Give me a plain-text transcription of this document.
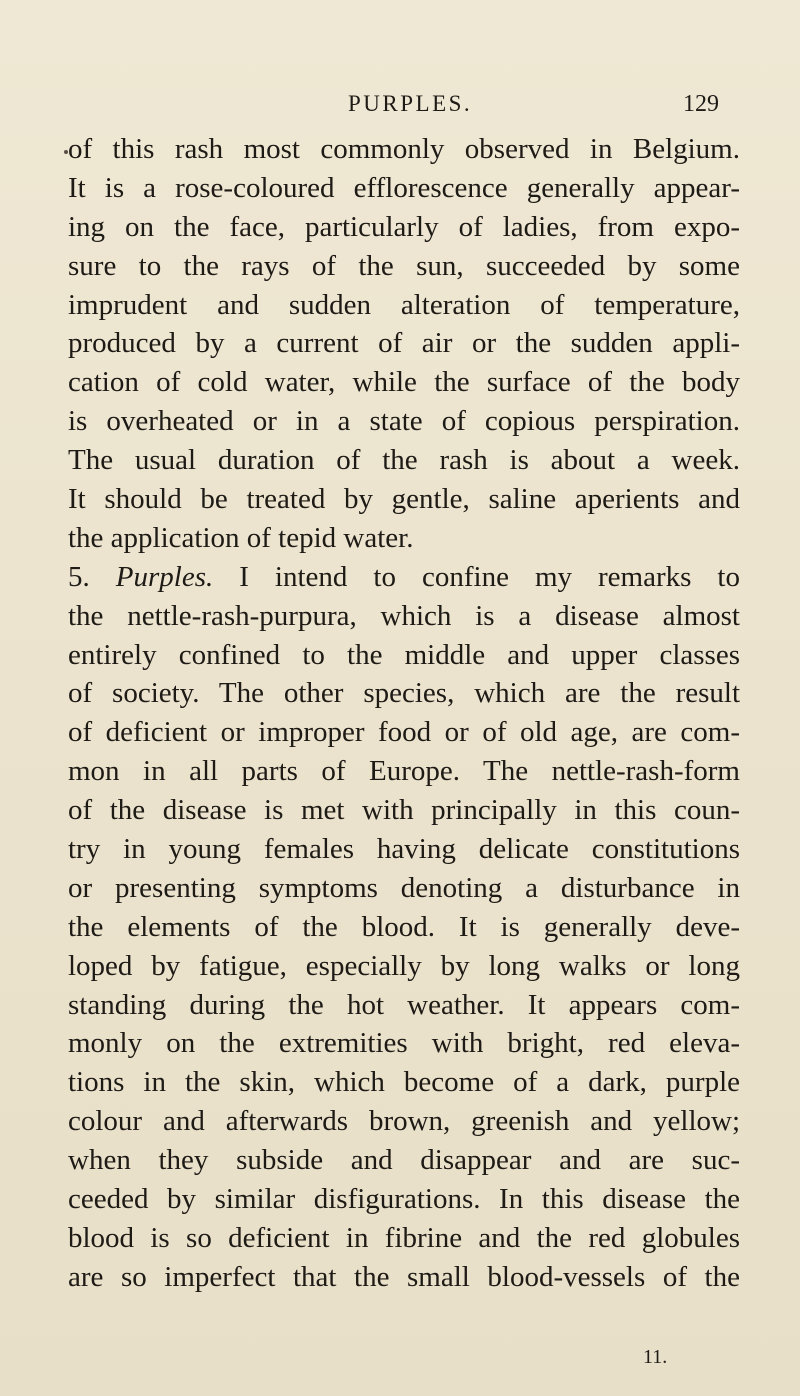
PURPLES.	129
of this rash most commonly observed in Belgium.
It is a rose-coloured efflorescence generally appear-
ing on the face, particularly of ladies, from expo-
sure to the rays of the sun, succeeded by some
imprudent and sudden alteration of temperature,
produced by a current of air or the sudden appli-
cation of cold water, while the surface of the body
is overheated or in a state of copious perspiration.
The usual duration of the rash is about a week.
It should be treated by gentle, saline aperients and
the application of tepid water.
5. Purples. I intend to confine my remarks to
the nettle-rash-purpura, which is a disease almost
entirely confined to the middle and upper classes
of society. The other species, which are the result
of deficient or improper food or of old age, are com-
mon in all parts of Europe. The nettle-rash-form
of the disease is met with principally in this coun-
try in young females having delicate constitutions
or presenting symptoms denoting a disturbance in
the elements of the blood. It is generally deve-
loped by fatigue, especially by long walks or long
standing during the hot weather. It appears com-
monly on the extremities with bright, red eleva-
tions in the skin, which become of a dark, purple
colour and afterwards brown, greenish and yellow;
when they subside and disappear and are suc-
ceeded by similar disfigurations. In this disease the
blood is so deficient in fibrine and the red globules
are so imperfect that the small blood-vessels of the
11.
